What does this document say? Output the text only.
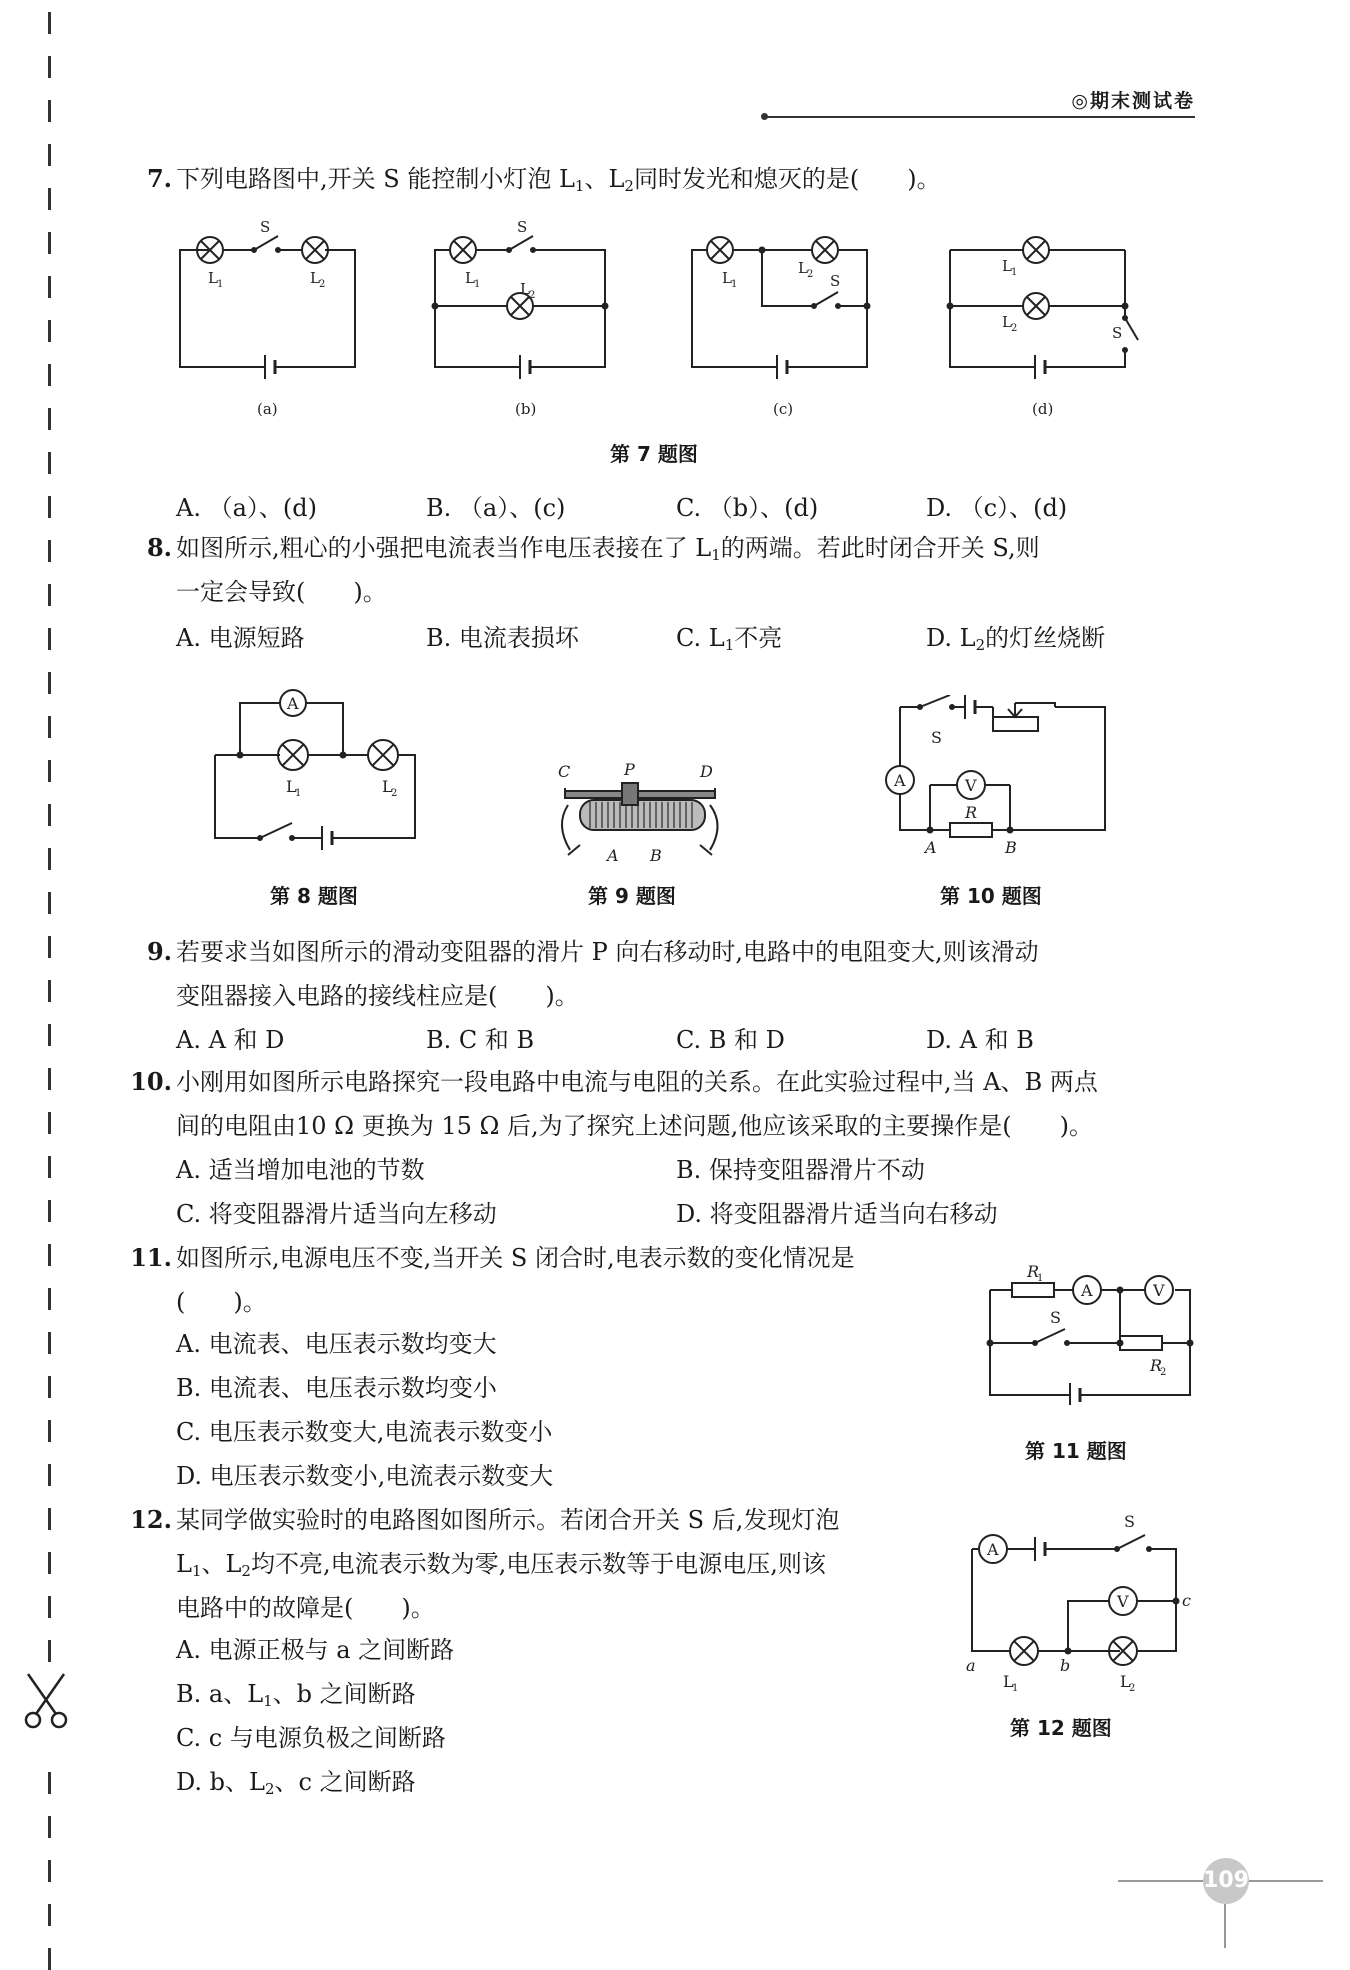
◎期末测试卷
7. 下列电路图中,开关 S 能控制小灯泡 $L_1$、$L_2$同时发光和熄灭的是(　　)。
L 1	L 2
S
L 1	L 2
S
L 1
L 2 S
L 1
L 2	S
(a)	(b)	(c)	(d)
第 7 题图
A. （a）、(d)	B. （a）、(c)	C. （b）、(d)	D. （c）、(d)
8. 如图所示,粗心的小强把电流表当作电压表接在了 $L_1$的两端。若此时闭合开关 S,则
一定会导致(　　)。
A. 电源短路	B. 电流表损坏	C. $L_1$不亮	D. $L_2$的灯丝烧断
A
L
1	L
2
第 8 题图
C	P	D
A B
第 9 题图
A	V
S
R
A	B
第 10 题图
9. 若要求当如图所示的滑动变阻器的滑片 P 向右移动时,电路中的电阻变大,则该滑动
变阻器接入电路的接线柱应是(　　)。
A. A 和 D	B. C 和 B	C. B 和 D	D. A 和 B
10. 小刚用如图所示电路探究一段电路中电流与电阻的关系。在此实验过程中,当 A、B 两点
间的电阻由10 Ω 更换为 15 Ω 后,为了探究上述问题,他应该采取的主要操作是(　　)。
A. 适当增加电池的节数	B. 保持变阻器滑片不动
C. 将变阻器滑片适当向左移动	D. 将变阻器滑片适当向右移动
11. 如图所示,电源电压不变,当开关 S 闭合时,电表示数的变化情况是
(　　)。
A. 电流表、电压表示数均变大
B. 电流表、电压表示数均变小
C. 电压表示数变大,电流表示数变小
D. 电压表示数变小,电流表示数变大
R
1
A	V
S
R
2
第 11 题图
12. 某同学做实验时的电路图如图所示。若闭合开关 S 后,发现灯泡
$L_1$、$L_2$均不亮,电流表示数为零,电压表示数等于电源电压,则该
电路中的故障是(　　)。
A. 电源正极与 a 之间断路
B. a、$L_1$、b 之间断路
C. c 与电源负极之间断路
D. b、$L_2$、c 之间断路
A
V
S
c
a	b
L
1	L
2
第 12 题图
109
